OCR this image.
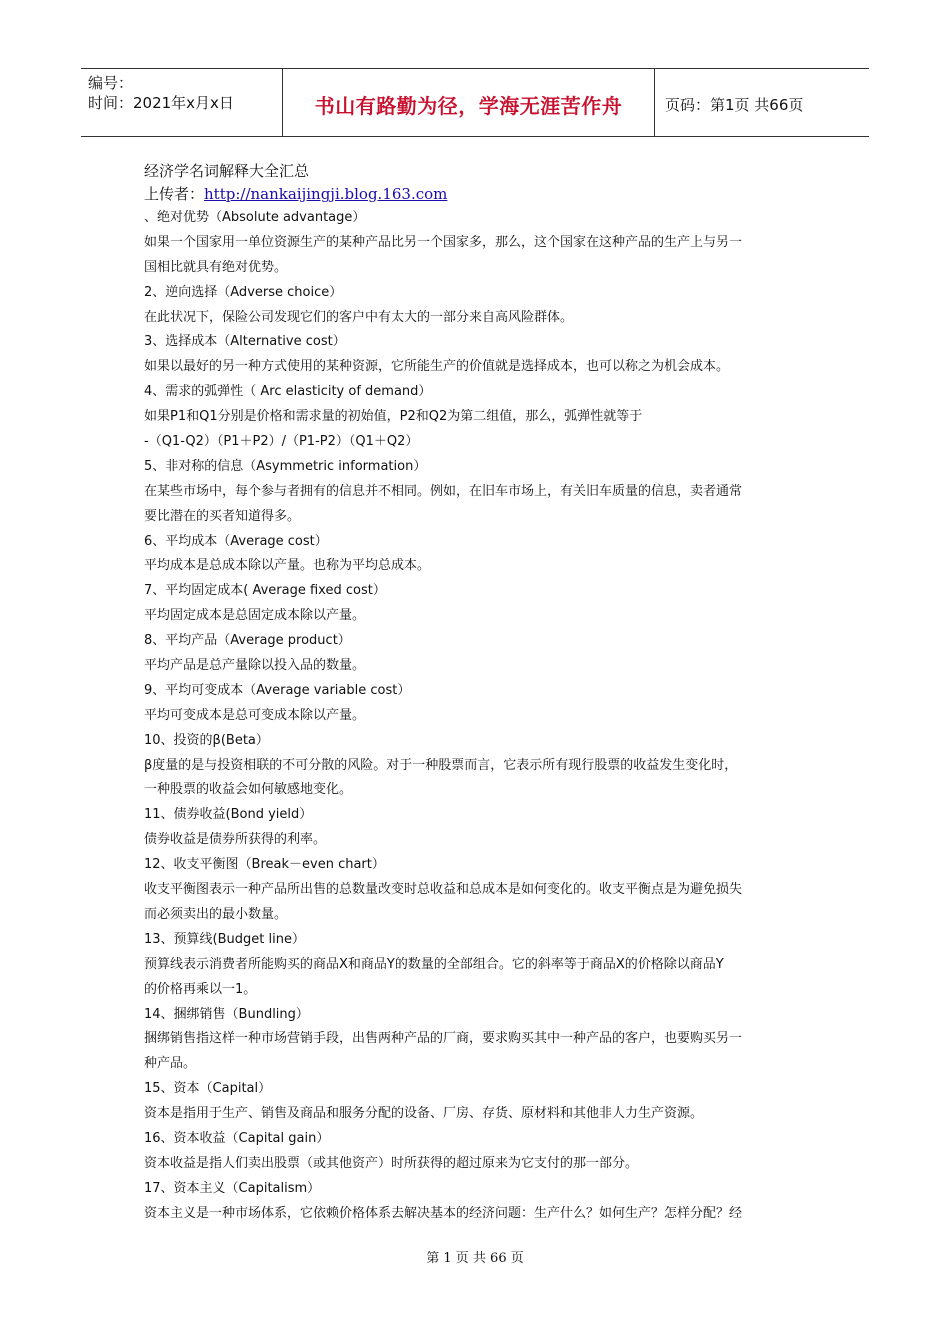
编号：
时间：2021年x月x日	书山有路勤为径，学海无涯苦作舟	页码：第1页 共66页
经济学名词解释大全汇总
上传者：http://nankaijingji.blog.163.com
、绝对优势（Absolute advantage）
如果一个国家用一单位资源生产的某种产品比另一个国家多，那么，这个国家在这种产品的生产上与另一
国相比就具有绝对优势。
2、逆向选择（Adverse choice）
在此状况下，保险公司发现它们的客户中有太大的一部分来自高风险群体。
3、选择成本（Alternative cost）
如果以最好的另一种方式使用的某种资源，它所能生产的价值就是选择成本，也可以称之为机会成本。
4、需求的弧弹性（ Arc elasticity of demand）
如果P1和Q1分别是价格和需求量的初始值，P2和Q2为第二组值，那么，弧弹性就等于
-（Q1-Q2）（P1＋P2）/（P1-P2）（Q1＋Q2）
5、非对称的信息（Asymmetric information）
在某些市场中，每个参与者拥有的信息并不相同。例如，在旧车市场上，有关旧车质量的信息，卖者通常
要比潜在的买者知道得多。
6、平均成本（Average cost）
平均成本是总成本除以产量。也称为平均总成本。
7、平均固定成本( Average fixed cost）
平均固定成本是总固定成本除以产量。
8、平均产品（Average product）
平均产品是总产量除以投入品的数量。
9、平均可变成本（Average variable cost）
平均可变成本是总可变成本除以产量。
10、投资的β(Beta）
β度量的是与投资相联的不可分散的风险。对于一种股票而言，它表示所有现行股票的收益发生变化时，
一种股票的收益会如何敏感地变化。
11、债券收益(Bond yield）
债券收益是债券所获得的利率。
12、收支平衡图（Break－even chart）
收支平衡图表示一种产品所出售的总数量改变时总收益和总成本是如何变化的。收支平衡点是为避免损失
而必须卖出的最小数量。
13、预算线(Budget line）
预算线表示消费者所能购买的商品X和商品Y的数量的全部组合。它的斜率等于商品X的价格除以商品Y
的价格再乘以一1。
14、捆绑销售（Bundling）
捆绑销售指这样一种市场营销手段，出售两种产品的厂商，要求购买其中一种产品的客户，也要购买另一
种产品。
15、资本（Capital）
资本是指用于生产、销售及商品和服务分配的设备、厂房、存货、原材料和其他非人力生产资源。
16、资本收益（Capital gain）
资本收益是指人们卖出股票（或其他资产）时所获得的超过原来为它支付的那一部分。
17、资本主义（Capitalism）
资本主义是一种市场体系，它依赖价格体系去解决基本的经济问题：生产什么？如何生产？怎样分配？经
第 1 页 共 66 页
